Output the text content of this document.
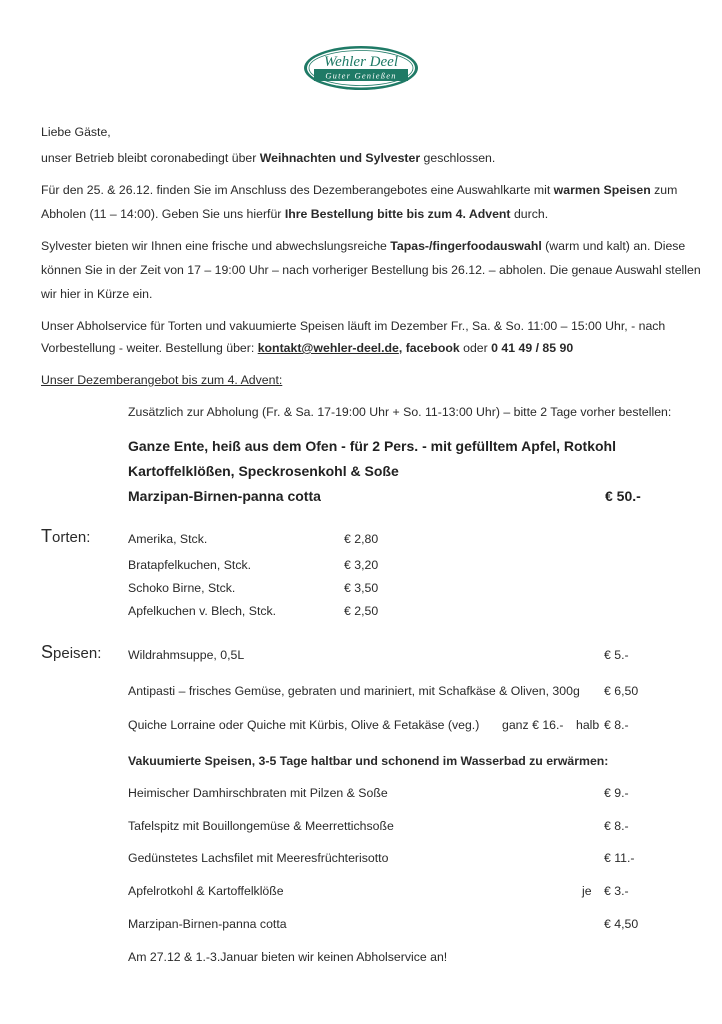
Wehler Deel
Guter Genießen
Liebe Gäste,
unser Betrieb bleibt coronabedingt über Weihnachten und Sylvester geschlossen.
Für den 25. & 26.12. finden Sie im Anschluss des Dezemberangebotes eine Auswahlkarte mit warmen Speisen zum
Abholen (11 – 14:00). Geben Sie uns hierfür Ihre Bestellung bitte bis zum 4. Advent durch.
Sylvester bieten wir Ihnen eine frische und abwechslungsreiche Tapas-/fingerfoodauswahl (warm und kalt) an. Diese
können Sie in der Zeit von 17 – 19:00 Uhr – nach vorheriger Bestellung bis 26.12. – abholen. Die genaue Auswahl stellen
wir hier in Kürze ein.
Unser Abholservice für Torten und vakuumierte Speisen läuft im Dezember Fr., Sa. & So. 11:00 – 15:00 Uhr, - nach
Vorbestellung - weiter. Bestellung über: kontakt@wehler-deel.de, facebook oder 0 41 49 / 85 90
Unser Dezemberangebot bis zum 4. Advent:
Zusätzlich zur Abholung (Fr. & Sa. 17-19:00 Uhr + So. 11-13:00 Uhr) – bitte 2 Tage vorher bestellen:
Ganze Ente, heiß aus dem Ofen - für 2 Pers. - mit gefülltem Apfel, Rotkohl
Kartoffelklößen, Speckrosenkohl & Soße
Marzipan-Birnen-panna cotta	€ 50.-
Torten:	Amerika, Stck.	€ 2,80
Bratapfelkuchen, Stck.	€ 3,20
Schoko Birne, Stck.	€ 3,50
Apfelkuchen v. Blech, Stck.	€ 2,50
Speisen: Wildrahmsuppe, 0,5L	€ 5.-
Antipasti – frisches Gemüse, gebraten und mariniert, mit Schafkäse & Oliven, 300g € 6,50
Quiche Lorraine oder Quiche mit Kürbis, Olive & Fetakäse (veg.) ganz € 16.- halb € 8.-
Vakuumierte Speisen, 3-5 Tage haltbar und schonend im Wasserbad zu erwärmen:
Heimischer Damhirschbraten mit Pilzen & Soße	€ 9.-
Tafelspitz mit Bouillongemüse & Meerrettichsoße	€ 8.-
Gedünstetes Lachsfilet mit Meeresfrüchterisotto	€ 11.-
Apfelrotkohl & Kartoffelklöße	je € 3.-
Marzipan-Birnen-panna cotta	€ 4,50
Am 27.12 & 1.-3.Januar bieten wir keinen Abholservice an!
